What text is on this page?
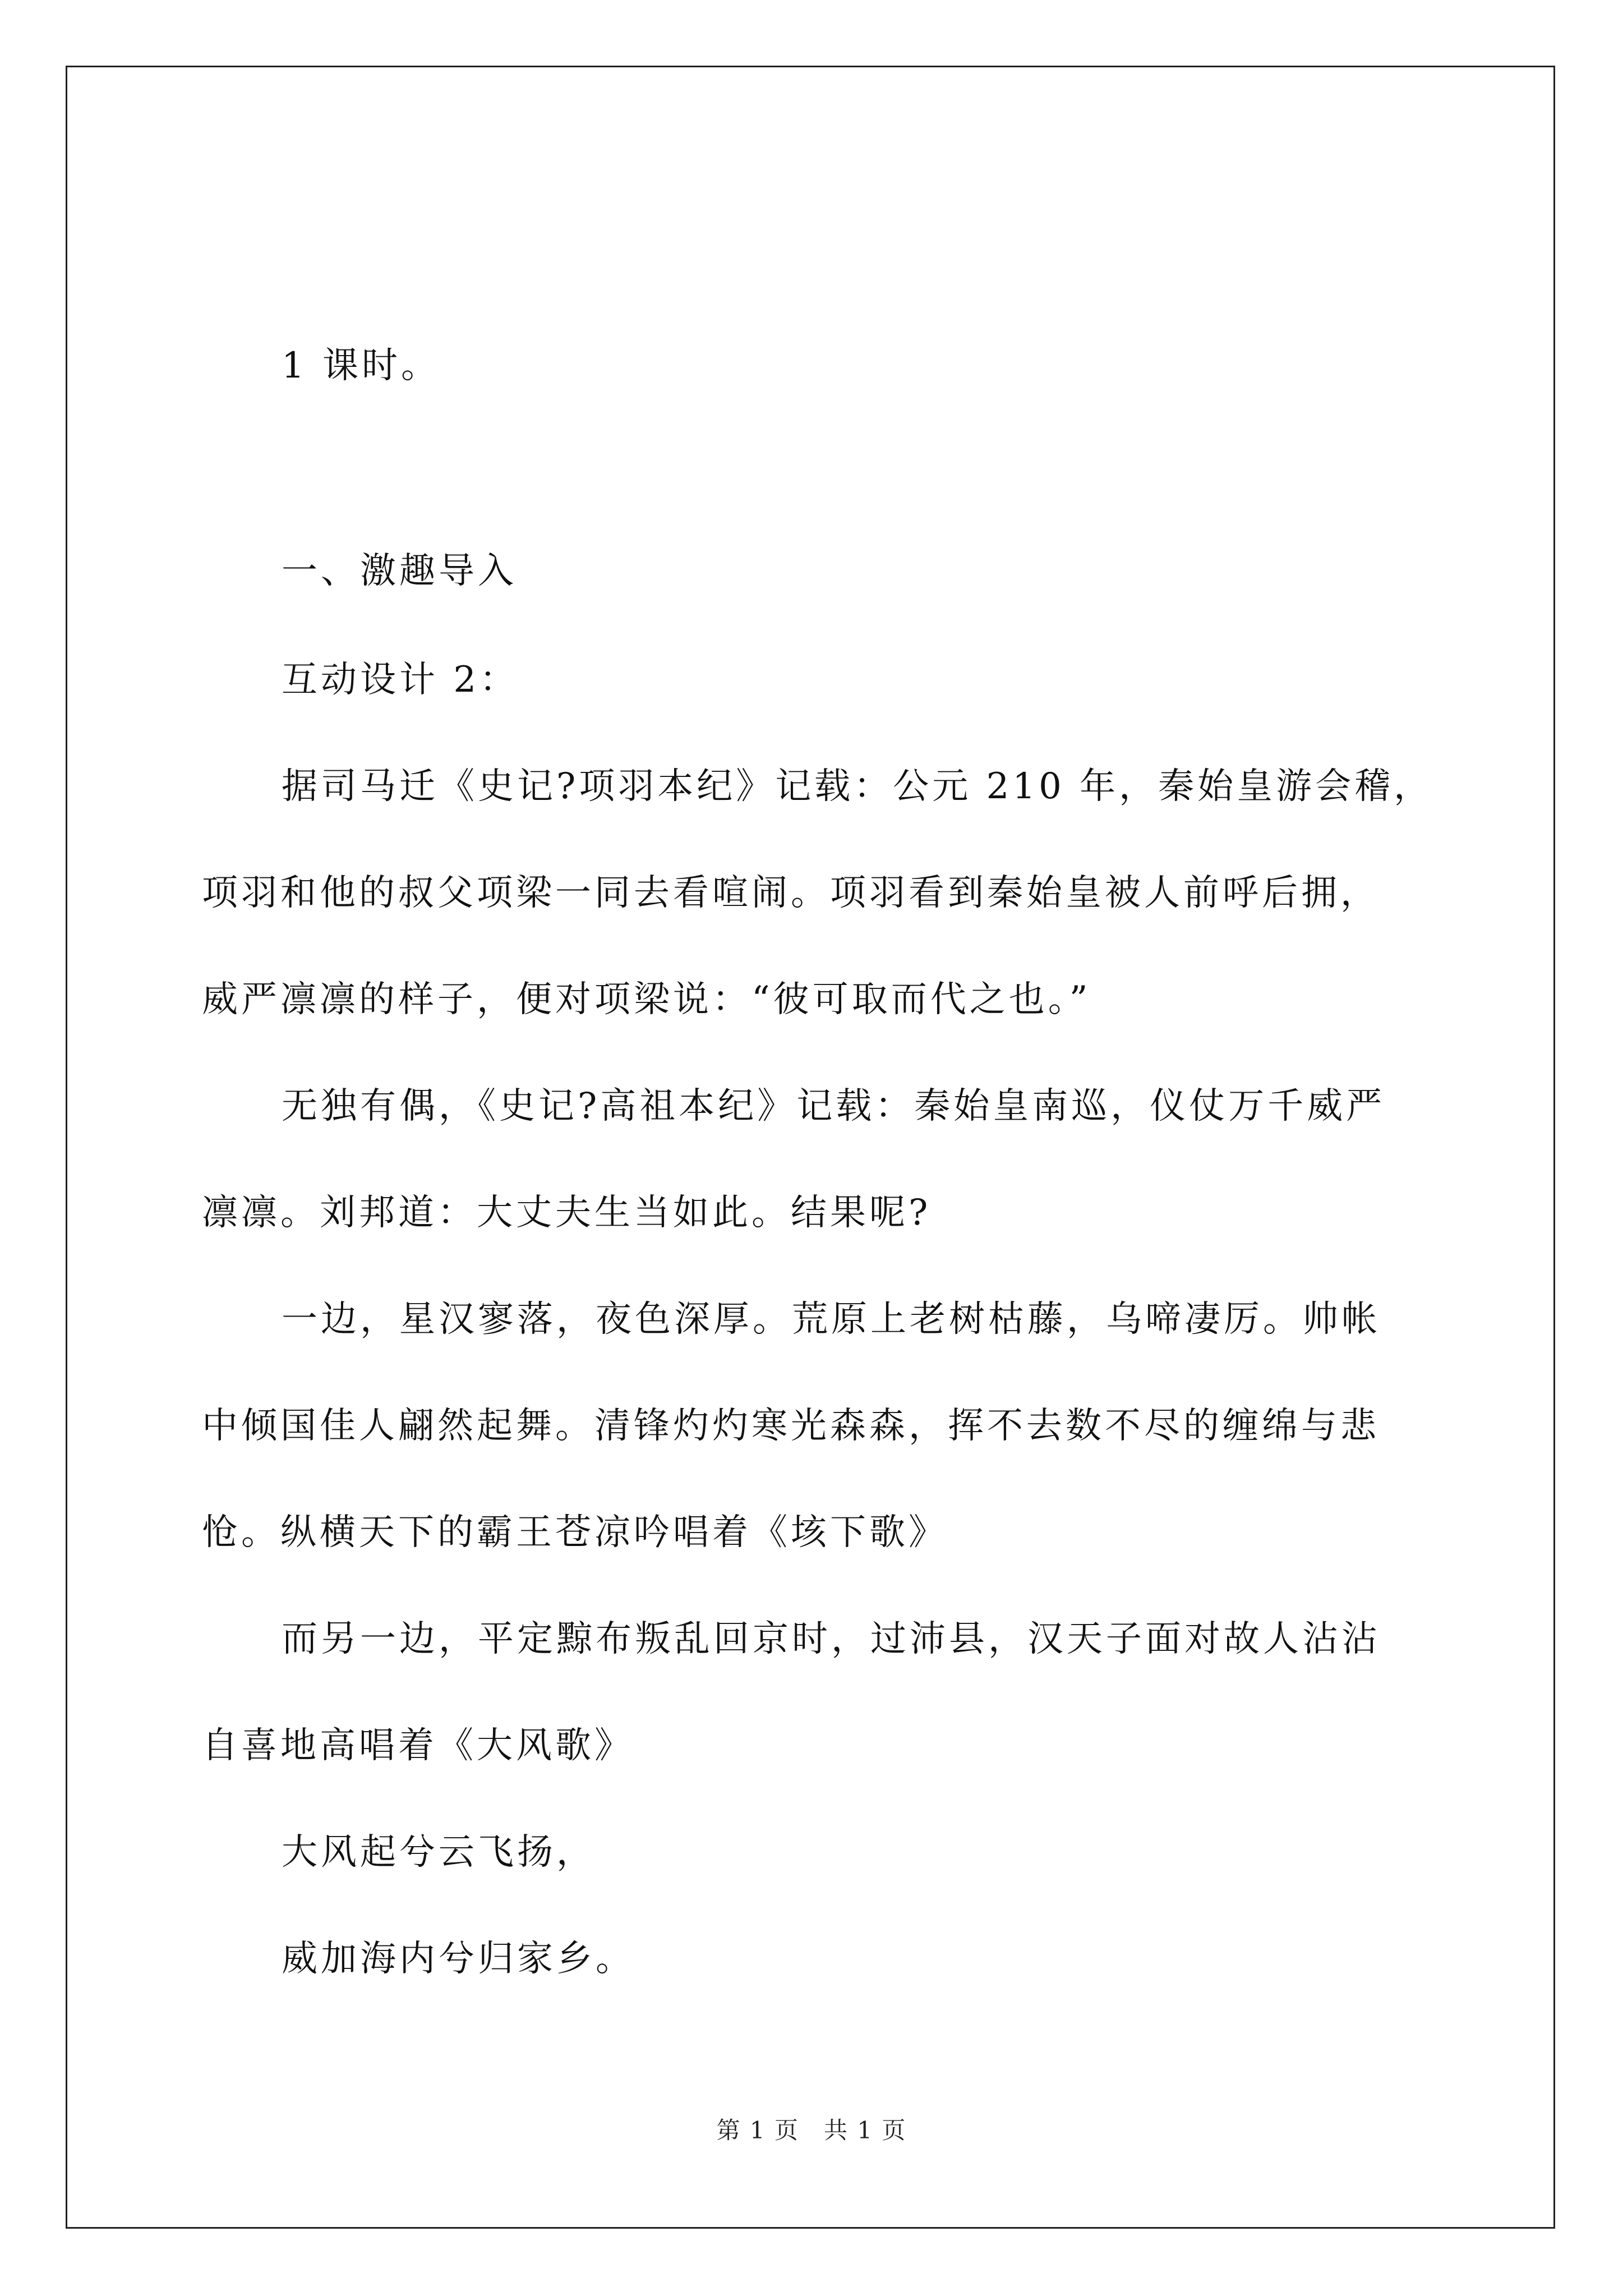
1 课时。
一、激趣导入
互动设计 2：
据司马迁《史记?项羽本纪》记载：公元 210 年，秦始皇游会稽，
项羽和他的叔父项梁一同去看喧闹。项羽看到秦始皇被人前呼后拥，
威严凛凛的样子，便对项梁说：“彼可取而代之也。”
无独有偶，《史记?高祖本纪》记载：秦始皇南巡，仪仗万千威严
凛凛。刘邦道：大丈夫生当如此。结果呢?
一边，星汉寥落，夜色深厚。荒原上老树枯藤，乌啼凄厉。帅帐
中倾国佳人翩然起舞。清锋灼灼寒光森森，挥不去数不尽的缠绵与悲
怆。纵横天下的霸王苍凉吟唱着《垓下歌》
而另一边，平定黥布叛乱回京时，过沛县，汉天子面对故人沾沾
自喜地高唱着《大风歌》
大风起兮云飞扬，
威加海内兮归家乡。
第 1 页　共 1 页
